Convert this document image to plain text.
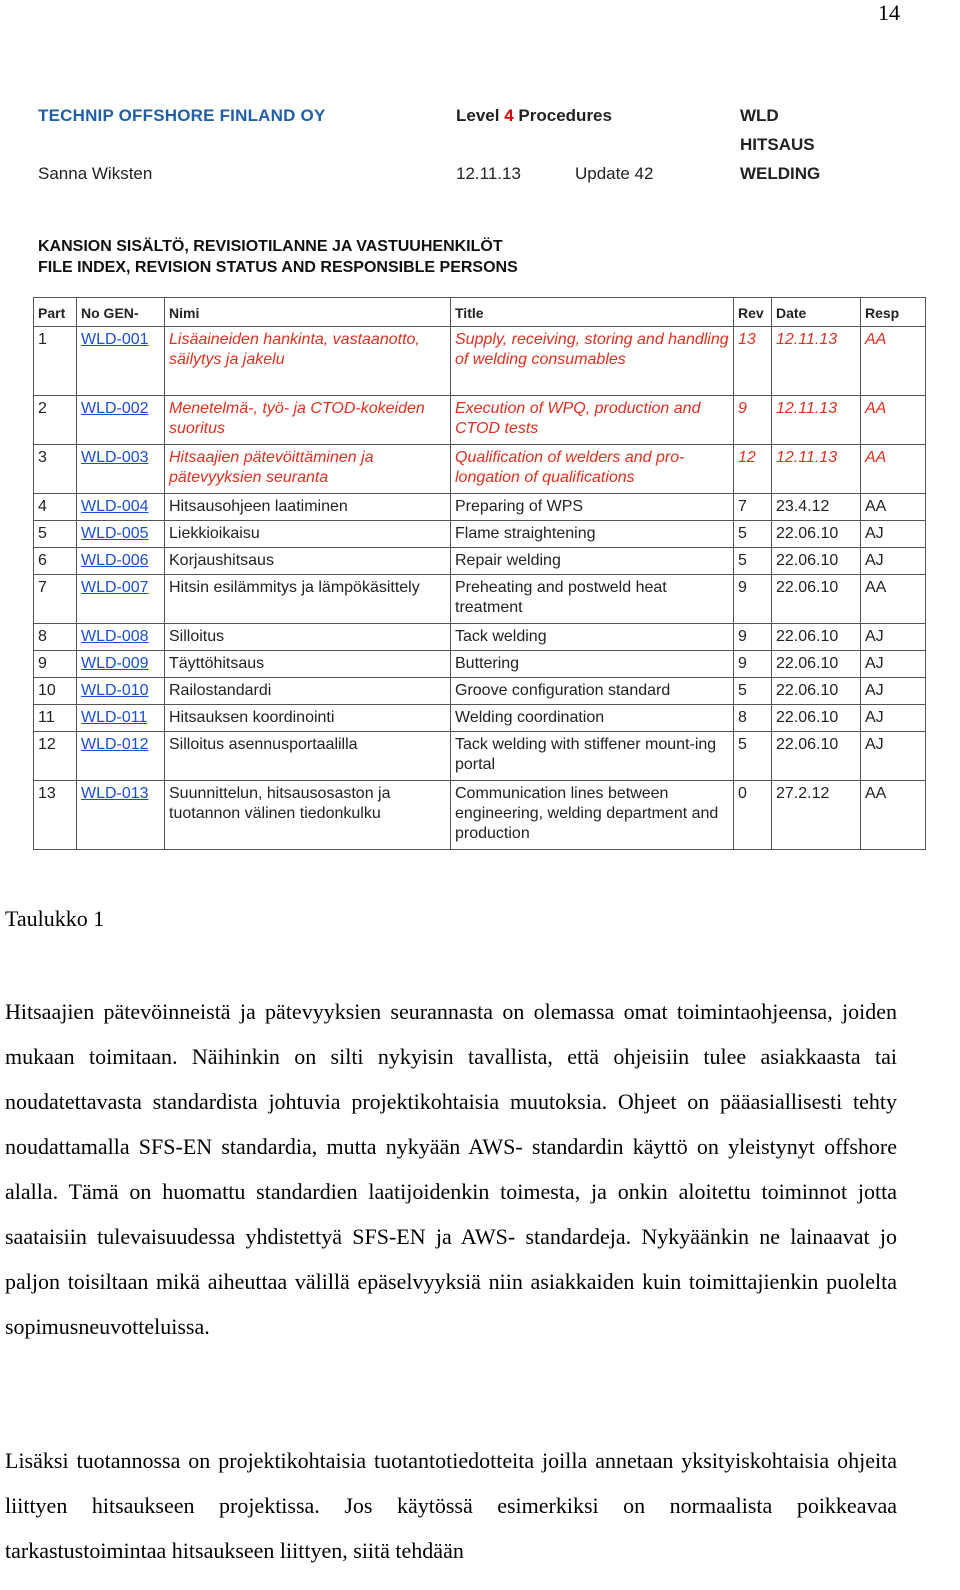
14
TECHNIP OFFSHORE FINLAND OY
Sanna Wiksten
Level 4 Procedures
12.11.13	Update 42
WLD
HITSAUS
WELDING
KANSION SISÄLTÖ, REVISIOTILANNE JA VASTUUHENKILÖT
FILE INDEX, REVISION STATUS AND RESPONSIBLE PERSONS
Part	No GEN-	Nimi	Title	Rev	Date	Resp
1	WLD-001	Lisäaineiden hankinta, vastaanotto, säilytys ja jakelu	Supply, receiving, storing and handling of welding consumables	13	12.11.13	AA
2	WLD-002	Menetelmä-, työ- ja CTOD-kokeiden suoritus	Execution of WPQ, production and CTOD tests	9	12.11.13	AA
3	WLD-003	Hitsaajien pätevöittäminen ja pätevyyksien seuranta	Qualification of welders and pro-longation of qualifications	12	12.11.13	AA
4	WLD-004	Hitsausohjeen laatiminen	Preparing of WPS	7	23.4.12	AA
5	WLD-005	Liekkioikaisu	Flame straightening	5	22.06.10	AJ
6	WLD-006	Korjaushitsaus	Repair welding	5	22.06.10	AJ
7	WLD-007	Hitsin esilämmitys ja lämpökäsittely	Preheating and postweld heat treatment	9	22.06.10	AA
8	WLD-008	Silloitus	Tack welding	9	22.06.10	AJ
9	WLD-009	Täyttöhitsaus	Buttering	9	22.06.10	AJ
10	WLD-010	Railostandardi	Groove configuration standard	5	22.06.10	AJ
11	WLD-011	Hitsauksen koordinointi	Welding coordination	8	22.06.10	AJ
12	WLD-012	Silloitus asennusportaalilla	Tack welding with stiffener mount-ing portal	5	22.06.10	AJ
13	WLD-013	Suunnittelun, hitsausosaston ja tuotannon välinen tiedonkulku	Communication lines between engineering, welding department and production	0	27.2.12	AA
Taulukko 1

Hitsaajien pätevöinneistä ja pätevyyksien seurannasta on olemassa omat toimintaohjeensa, joiden mukaan toimitaan. Näihinkin on silti nykyisin tavallista, että ohjeisiin tulee asiakkaasta tai noudatettavasta standardista johtuvia projektikohtaisia muutoksia. Ohjeet on pääasiallisesti tehty noudattamalla SFS-EN standardia, mutta nykyään AWS- standardin käyttö on yleistynyt offshore alalla. Tämä on huomattu standardien laatijoidenkin toimesta, ja onkin aloitettu toiminnot jotta saataisiin tulevaisuudessa yhdistettyä SFS-EN ja AWS- standardeja. Nykyäänkin ne lainaavat jo paljon toisiltaan mikä aiheuttaa välillä epäselvyyksiä niin asiakkaiden kuin toimittajienkin puolelta sopimusneuvotteluissa.

Lisäksi tuotannossa on projektikohtaisia tuotantotiedotteita joilla annetaan yksityiskohtaisia ohjeita liittyen hitsaukseen projektissa. Jos käytössä esimerkiksi on normaalista poikkeavaa tarkastustoimintaa hitsaukseen liittyen, siitä tehdään
